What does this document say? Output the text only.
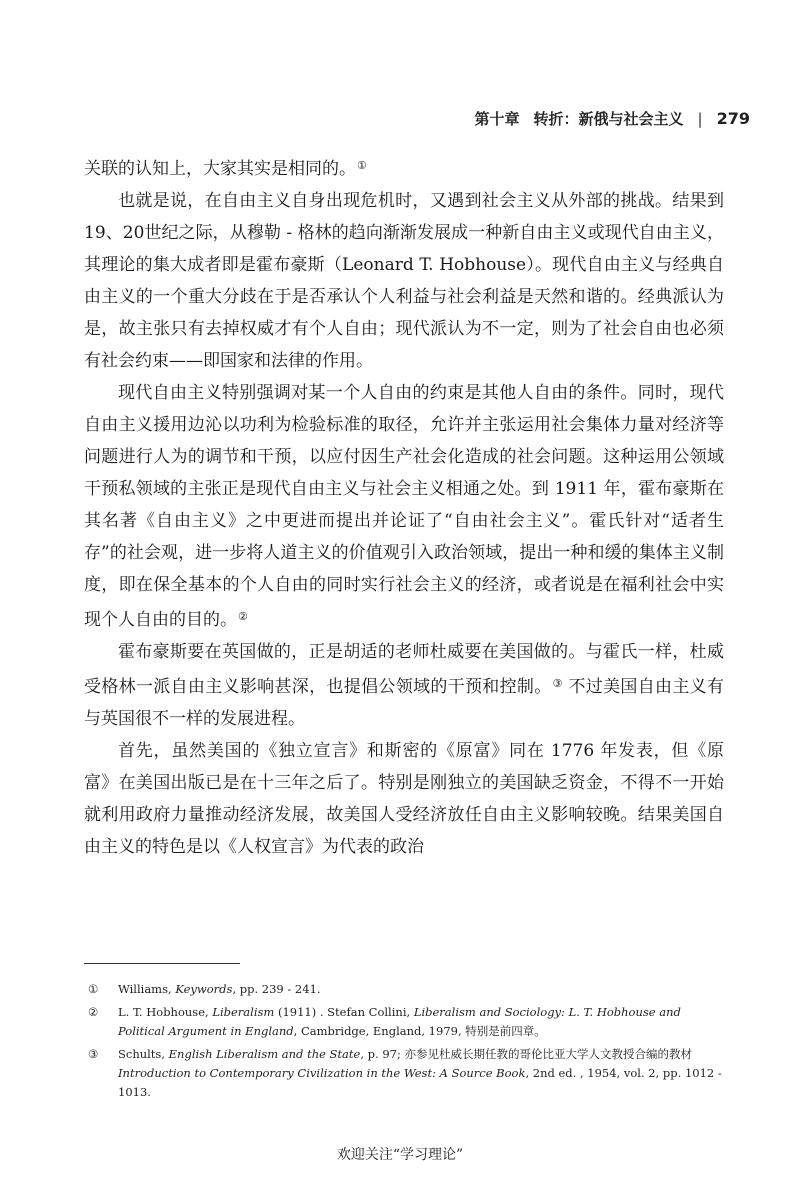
第十章 转折：新俄与社会主义 | 279

关联的认知上，大家其实是相同的。①

也就是说，在自由主义自身出现危机时，又遇到社会主义从外部的挑战。结果到19、20世纪之际，从穆勒 - 格林的趋向渐渐发展成一种新自由主义或现代自由主义，其理论的集大成者即是霍布豪斯（Leonard T. Hobhouse）。现代自由主义与经典自由主义的一个重大分歧在于是否承认个人利益与社会利益是天然和谐的。经典派认为是，故主张只有去掉权威才有个人自由；现代派认为不一定，则为了社会自由也必须有社会约束——即国家和法律的作用。

现代自由主义特别强调对某一个人自由的约束是其他人自由的条件。同时，现代自由主义援用边沁以功利为检验标准的取径，允许并主张运用社会集体力量对经济等问题进行人为的调节和干预，以应付因生产社会化造成的社会问题。这种运用公领域干预私领域的主张正是现代自由主义与社会主义相通之处。到 1911 年，霍布豪斯在其名著《自由主义》之中更进而提出并论证了“自由社会主义”。霍氏针对“适者生存”的社会观，进一步将人道主义的价值观引入政治领域，提出一种和缓的集体主义制度，即在保全基本的个人自由的同时实行社会主义的经济，或者说是在福利社会中实现个人自由的目的。②

霍布豪斯要在英国做的，正是胡适的老师杜威要在美国做的。与霍氏一样，杜威受格林一派自由主义影响甚深，也提倡公领域的干预和控制。③ 不过美国自由主义有与英国很不一样的发展进程。

首先，虽然美国的《独立宣言》和斯密的《原富》同在 1776 年发表，但《原富》在美国出版已是在十三年之后了。特别是刚独立的美国缺乏资金，不得不一开始就利用政府力量推动经济发展，故美国人受经济放任自由主义影响较晚。结果美国自由主义的特色是以《人权宣言》为代表的政治

①	Williams, Keywords, pp. 239 - 241.
②	L. T. Hobhouse, Liberalism (1911) . Stefan Collini, Liberalism and Sociology: L. T. Hobhouse and Political Argument in England, Cambridge, England, 1979, 特别是前四章。
③	Schults, English Liberalism and the State, p. 97; 亦参见杜威长期任教的哥伦比亚大学人文教授合编的教材 Introduction to Contemporary Civilization in the West: A Source Book, 2nd ed. , 1954, vol. 2, pp. 1012 - 1013.
欢迎关注“学习理论”
